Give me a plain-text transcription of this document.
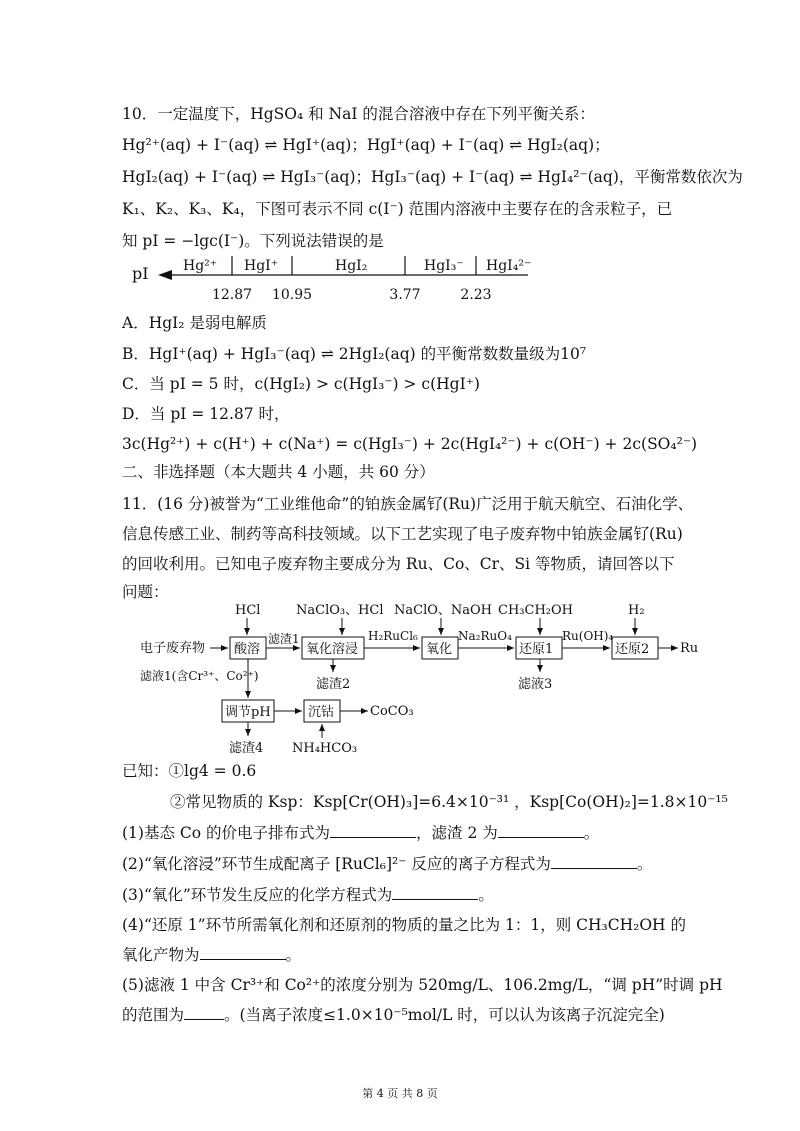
10．一定温度下，HgSO₄ 和 NaI 的混合溶液中存在下列平衡关系：
Hg²⁺(aq) + I⁻(aq) ⇌ HgI⁺(aq)；HgI⁺(aq) + I⁻(aq) ⇌ HgI₂(aq)；
HgI₂(aq) + I⁻(aq) ⇌ HgI₃⁻(aq)；HgI₃⁻(aq) + I⁻(aq) ⇌ HgI₄²⁻(aq)，平衡常数依次为
K₁、K₂、K₃、K₄，下图可表示不同 c(I⁻) 范围内溶液中主要存在的含汞粒子，已
知 pI = −lgc(I⁻)。下列说法错误的是
pI Hg²⁺ HgI⁺	HgI₂	HgI₃⁻ HgI₄²⁻
12.87 10.95	3.77	2.23
A．HgI₂ 是弱电解质
B．HgI⁺(aq) + HgI₃⁻(aq) ⇌ 2HgI₂(aq) 的平衡常数数量级为10⁷
C．当 pI = 5 时，c(HgI₂) > c(HgI₃⁻) > c(HgI⁺)
D．当 pI = 12.87 时，
3c(Hg²⁺) + c(H⁺) + c(Na⁺) = c(HgI₃⁻) + 2c(HgI₄²⁻) + c(OH⁻) + 2c(SO₄²⁻)
二、非选择题（本大题共 4 小题，共 60 分）
11．(16 分)被誉为“工业维他命”的铂族金属钌(Ru)广泛用于航天航空、石油化学、
信息传感工业、制药等高科技领域。以下工艺实现了电子废弃物中铂族金属钌(Ru)
的回收利用。已知电子废弃物主要成分为 Ru、Co、Cr、Si 等物质，请回答以下
问题：
HCl	NaClO₃、HCl NaClO、NaOH CH₃CH₂OH	H₂
电子废弃物 酸溶
滤渣1
氧化溶浸
H₂RuCl₆
氧化
Na₂RuO₄
还原1
Ru(OH)₄
还原2 Ru
滤液1(含Cr³⁺、Co²⁺)
滤渣2	滤液3
调节pH	沉钴	CoCO₃
滤渣4 NH₄HCO₃
已知：①lg4 = 0.6
②常见物质的 Ksp：Ksp[Cr(OH)₃]=6.4×10⁻³¹ ，Ksp[Co(OH)₂]=1.8×10⁻¹⁵
(1)基态 Co 的价电子排布式为	，滤渣 2 为	。
(2)“氧化溶浸”环节生成配离子 [RuCl₆]²⁻ 反应的离子方程式为	。
(3)“氧化”环节发生反应的化学方程式为	。
(4)“还原 1”环节所需氧化剂和还原剂的物质的量之比为 1：1，则 CH₃CH₂OH 的
氧化产物为	。
(5)滤液 1 中含 Cr³⁺和 Co²⁺的浓度分别为 520mg/L、106.2mg/L，“调 pH”时调 pH
的范围为	。(当离子浓度≤1.0×10⁻⁵mol/L 时，可以认为该离子沉淀完全)
第 4 页 共 8 页
